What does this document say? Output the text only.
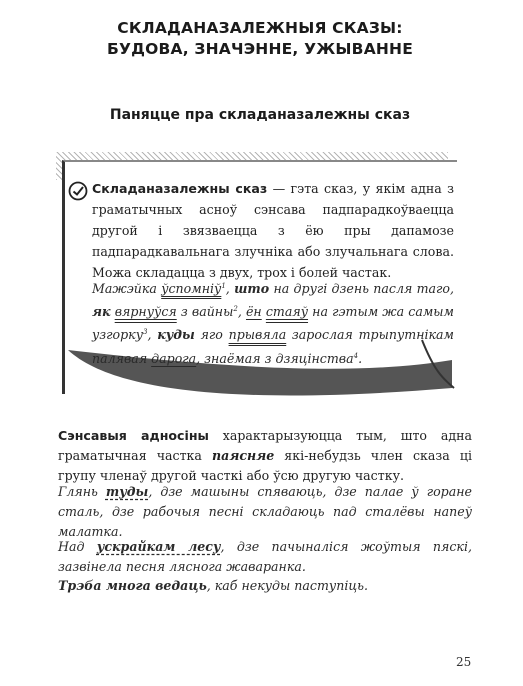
СКЛАДАНАЗАЛЕЖНЫЯ СКАЗЫ:
БУДОВА, ЗНАЧЭННЕ, УЖЫВАННЕ
Паняцце пра складаназалежны сказ
Складаназалежны сказ — гэта сказ, у якім адна з граматычных асноў сэнсава падпарадкоўваецца другой і звязваецца з ёю пры дапамозе падпарадкавальнага злучніка або злучальнага слова. Можа складацца з двух, трох і болей частак.
Мажэйка ўспомніў$^1$, што на другі дзень пасля таго, як вярнуўся з вайны$^2$, ён стаяў на гэтым жа самым узгорку$^3$, куды яго прывяла зарослая трыпутнікам палявая дарога, знаёмая з дзяцінства$^4$.
Сэнсавыя адносіны характарызуюцца тым, што адна граматычная частка паясняе які-небудзь член сказа ці групу членаў другой часткі або ўсю другую частку.
Глянь туды, дзе машыны спяваюць, дзе палае ў горане сталь, дзе рабочыя песні складаюць пад сталёвы напеў малатка.
Над ускрайкам лесу, дзе пачыналіся жоўтыя пяскі, зазвінела песня ляснога жаваранка.
Трэба многа ведаць, каб некуды паступіць.
25
